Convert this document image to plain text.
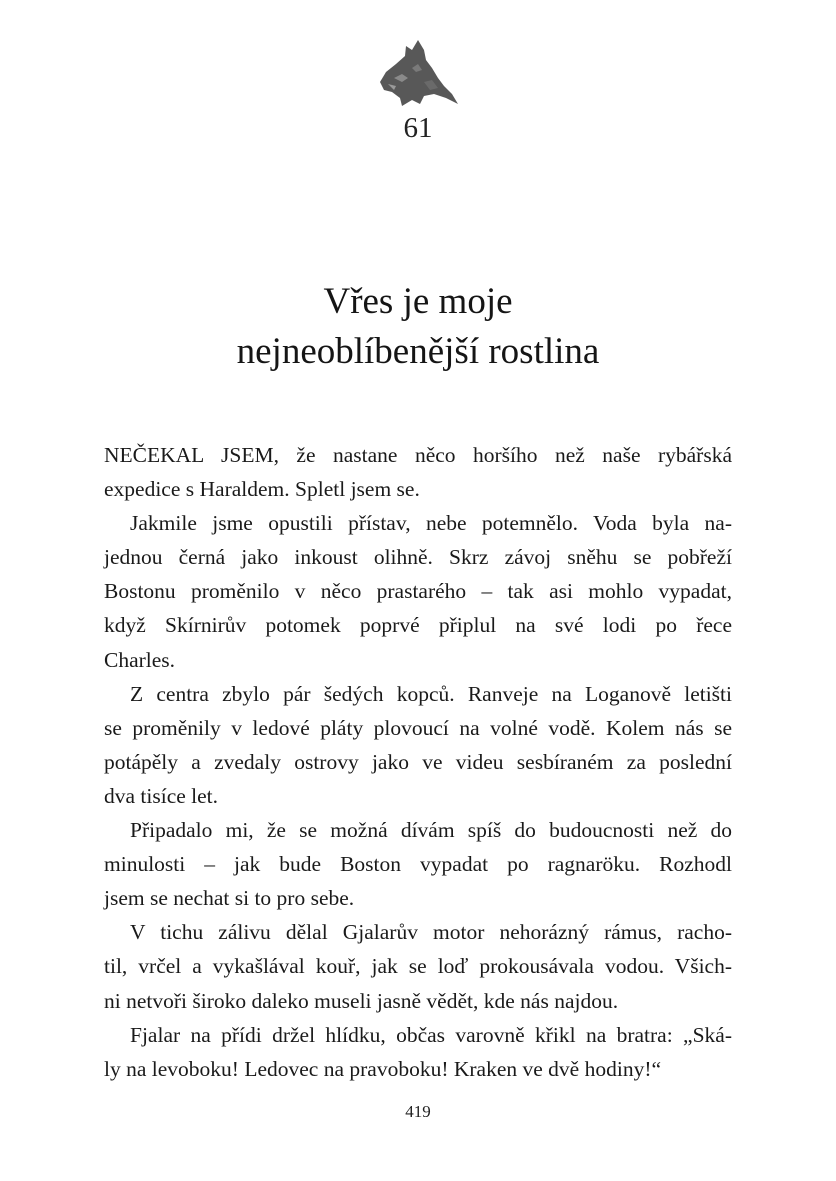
61
Vřes je moje
nejneoblíbenější rostlina
NEČEKAL JSEM, že nastane něco horšího než naše rybářská
expedice s Haraldem. Spletl jsem se.
Jakmile jsme opustili přístav, nebe potemnělo. Voda byla na-
jednou černá jako inkoust olihně. Skrz závoj sněhu se pobřeží
Bostonu proměnilo v něco prastarého – tak asi mohlo vypadat,
když Skírnirův potomek poprvé připlul na své lodi po řece
Charles.
Z centra zbylo pár šedých kopců. Ranveje na Loganově letišti
se proměnily v ledové pláty plovoucí na volné vodě. Kolem nás se
potápěly a zvedaly ostrovy jako ve videu sesbíraném za poslední
dva tisíce let.
Připadalo mi, že se možná dívám spíš do budoucnosti než do
minulosti – jak bude Boston vypadat po ragnaröku. Rozhodl
jsem se nechat si to pro sebe.
V tichu zálivu dělal Gjalarův motor nehorázný rámus, racho-
til, vrčel a vykašlával kouř, jak se loď prokousávala vodou. Všich-
ni netvoři široko daleko museli jasně vědět, kde nás najdou.
Fjalar na přídi držel hlídku, občas varovně křikl na bratra: „Ská-
ly na levoboku! Ledovec na pravoboku! Kraken ve dvě hodiny!“
419
